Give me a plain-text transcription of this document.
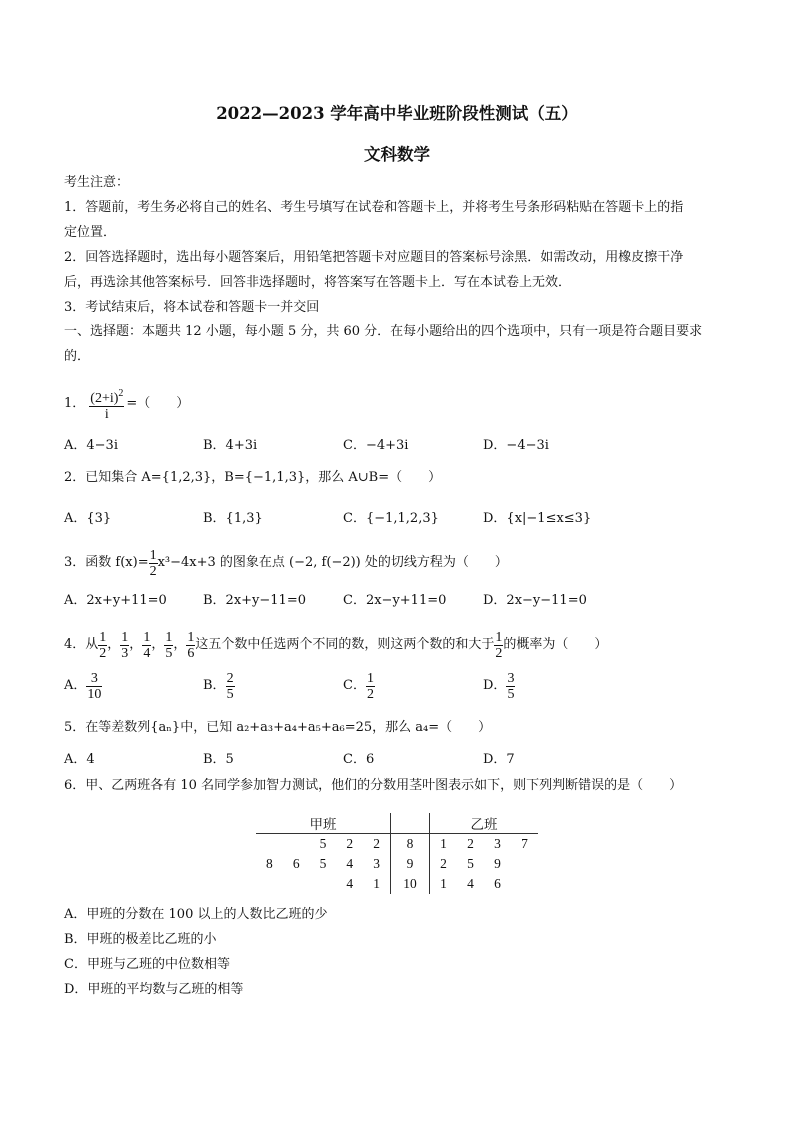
2022—2023 学年高中毕业班阶段性测试（五）
文科数学
考生注意：
1．答题前，考生务必将自己的姓名、考生号填写在试卷和答题卡上，并将考生号条形码粘贴在答题卡上的指
定位置．
2．回答选择题时，选出每小题答案后，用铅笔把答题卡对应题目的答案标号涂黑．如需改动，用橡皮擦干净
后，再选涂其他答案标号．回答非选择题时，将答案写在答题卡上．写在本试卷上无效．
3．考试结束后，将本试卷和答题卡一并交回
一、选择题：本题共 12 小题，每小题 5 分，共 60 分．在每小题给出的四个选项中，只有一项是符合题目要求
的．
1． $\frac{(2+i)^2}{i}$ =（　　）
A．4−3i	B．4+3i	C．−4+3i	D．−4−3i
2．已知集合 A={1,2,3}，B={−1,1,3}，那么 A∪B=（　　）
A．{3}	B．{1,3}	C．{−1,1,2,3}	D．{x|−1≤x≤3}
3．函数 $f(x)= \frac{1}{2} x^3-4x+3$ 的图象在点 (−2, f(−2)) 处的切线方程为（　　）
A．2x+y+11=0	B．2x+y−11=0	C．2x−y+11=0	D．2x−y−11=0
4．从 $\frac{1}{2}$ ， $\frac{1}{3}$ ， $\frac{1}{4}$ ， $\frac{1}{5}$ ， $\frac{1}{6}$ 这五个数中任选两个不同的数，则这两个数的和大于 $\frac{1}{2}$ 的概率为（　　）
A． $\frac{3}{10}$	B． $\frac{2}{5}$	C． $\frac{1}{2}$	D． $\frac{3}{5}$
5．在等差数列{aₙ}中，已知 a₂+a₃+a₄+a₅+a₆=25，那么 a₄=（　　）
A．4	B．5	C．6	D．7
6．甲、乙两班各有 10 名同学参加智力测试，他们的分数用茎叶图表示如下，则下列判断错误的是（　　）
甲班						乙班			
		5	2	2	8	1	2	3	7
8	6	5	4	3	9	2	5	9	
			4	1	10	1	4	6	
A．甲班的分数在 100 以上的人数比乙班的少
B．甲班的极差比乙班的小
C．甲班与乙班的中位数相等
D．甲班的平均数与乙班的相等
